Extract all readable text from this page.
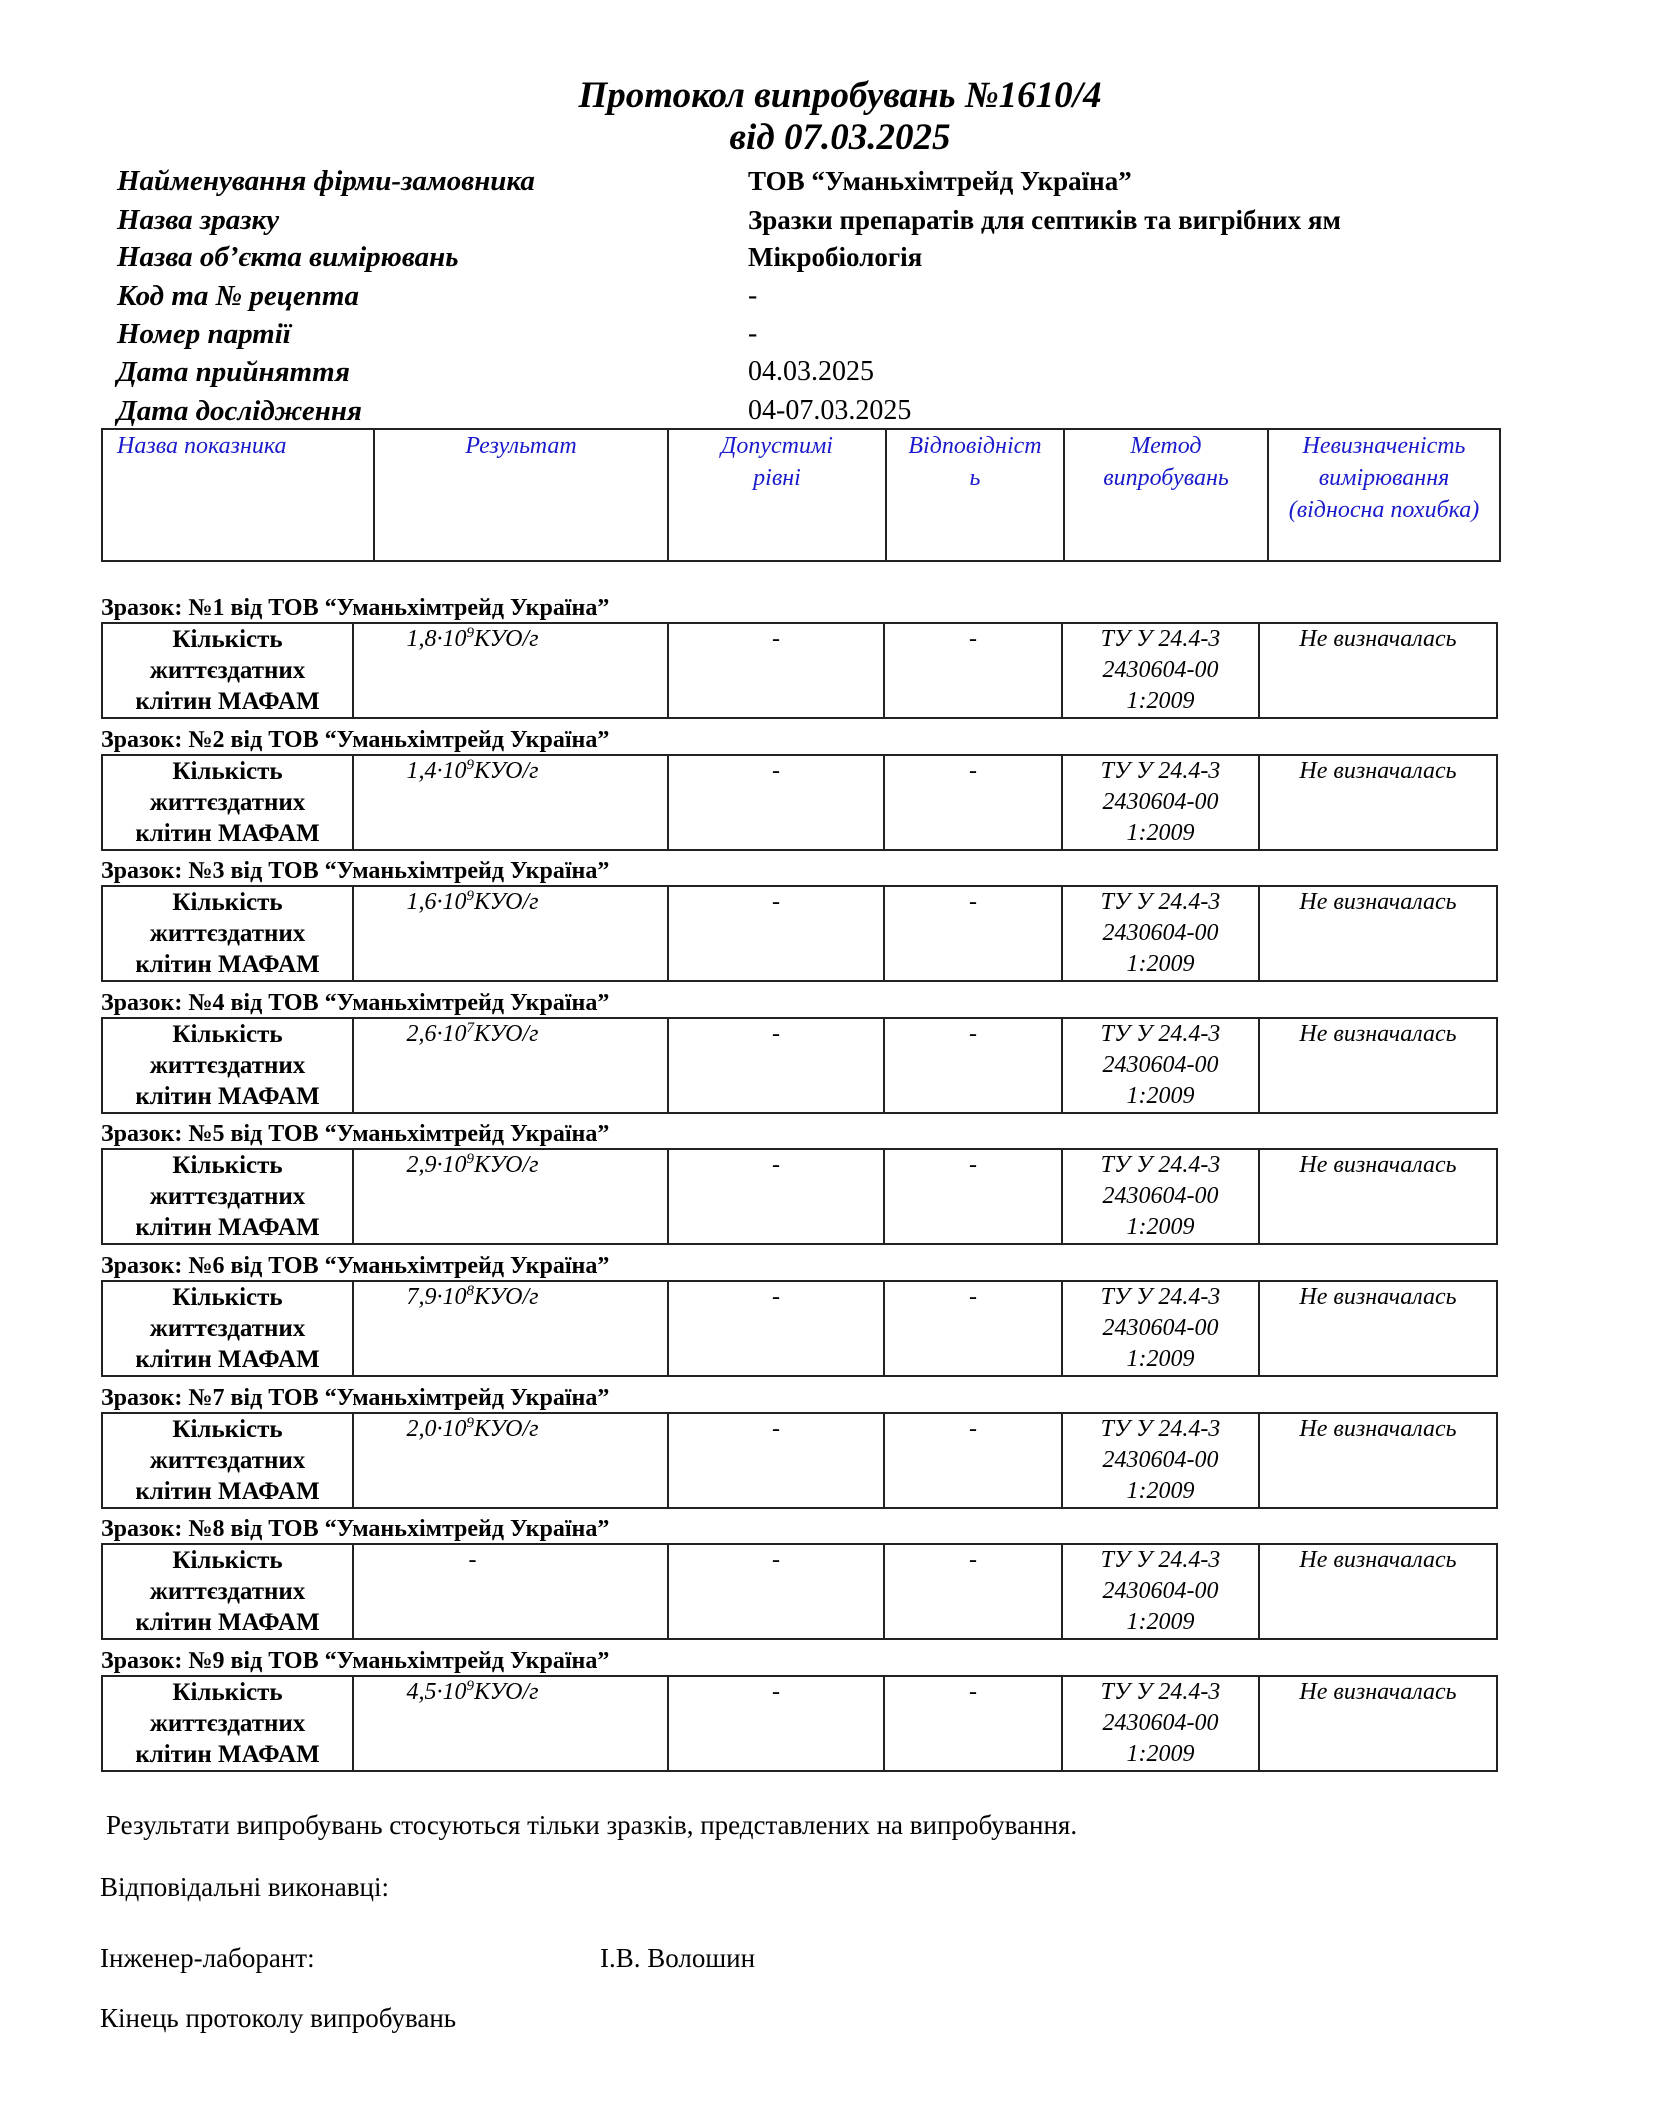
Протокол випробувань №1610/4
від 07.03.2025
Найменування фірми-замовника	ТОВ “Уманьхімтрейд Україна”
Назва зразку	Зразки препаратів для септиків та вигрібних ям
Назва об’єкта вимірювань	Мікробіологія
Код та № рецепта	-
Номер партії	-
Дата прийняття	04.03.2025
Дата дослідження	04-07.03.2025
Назва показника	Результат	Допустимі рівні	Відповідність	Метод випробувань	Невизначеність вимірювання (відносна похибка)
Зразок: №1 від ТОВ “Уманьхімтрейд Україна”
Кількість життєздатних клітин МАФАМ	$1,8\cdot 10^9КУО/г$	-	-	ТУ У 24.4-32430604-001:2009	Не визначалась
Зразок: №2 від ТОВ “Уманьхімтрейд Україна”
Кількість життєздатних клітин МАФАМ	$1,4\cdot 10^9КУО/г$	-	-	ТУ У 24.4-32430604-001:2009	Не визначалась
Зразок: №3 від ТОВ “Уманьхімтрейд Україна”
Кількість життєздатних клітин МАФАМ	$1,6\cdot 10^9КУО/г$	-	-	ТУ У 24.4-32430604-001:2009	Не визначалась
Зразок: №4 від ТОВ “Уманьхімтрейд Україна”
Кількість життєздатних клітин МАФАМ	$2,6\cdot 10^7КУО/г$	-	-	ТУ У 24.4-32430604-001:2009	Не визначалась
Зразок: №5 від ТОВ “Уманьхімтрейд Україна”
Кількість життєздатних клітин МАФАМ	$2,9\cdot 10^9КУО/г$	-	-	ТУ У 24.4-32430604-001:2009	Не визначалась
Зразок: №6 від ТОВ “Уманьхімтрейд Україна”
Кількість життєздатних клітин МАФАМ	$7,9\cdot 10^8КУО/г$	-	-	ТУ У 24.4-32430604-001:2009	Не визначалась
Зразок: №7 від ТОВ “Уманьхімтрейд Україна”
Кількість життєздатних клітин МАФАМ	$2,0\cdot 10^9КУО/г$	-	-	ТУ У 24.4-32430604-001:2009	Не визначалась
Зразок: №8 від ТОВ “Уманьхімтрейд Україна”
Кількість життєздатних клітин МАФАМ	-	-	-	ТУ У 24.4-32430604-001:2009	Не визначалась
Зразок: №9 від ТОВ “Уманьхімтрейд Україна”
Кількість життєздатних клітин МАФАМ	$4,5\cdot 10^9КУО/г$	-	-	ТУ У 24.4-32430604-001:2009	Не визначалась
Результати випробувань стосуються тільки зразків, представлених на випробування.
Відповідальні виконавці:
Інженер-лаборант:	І.В. Волошин
Кінець протоколу випробувань
